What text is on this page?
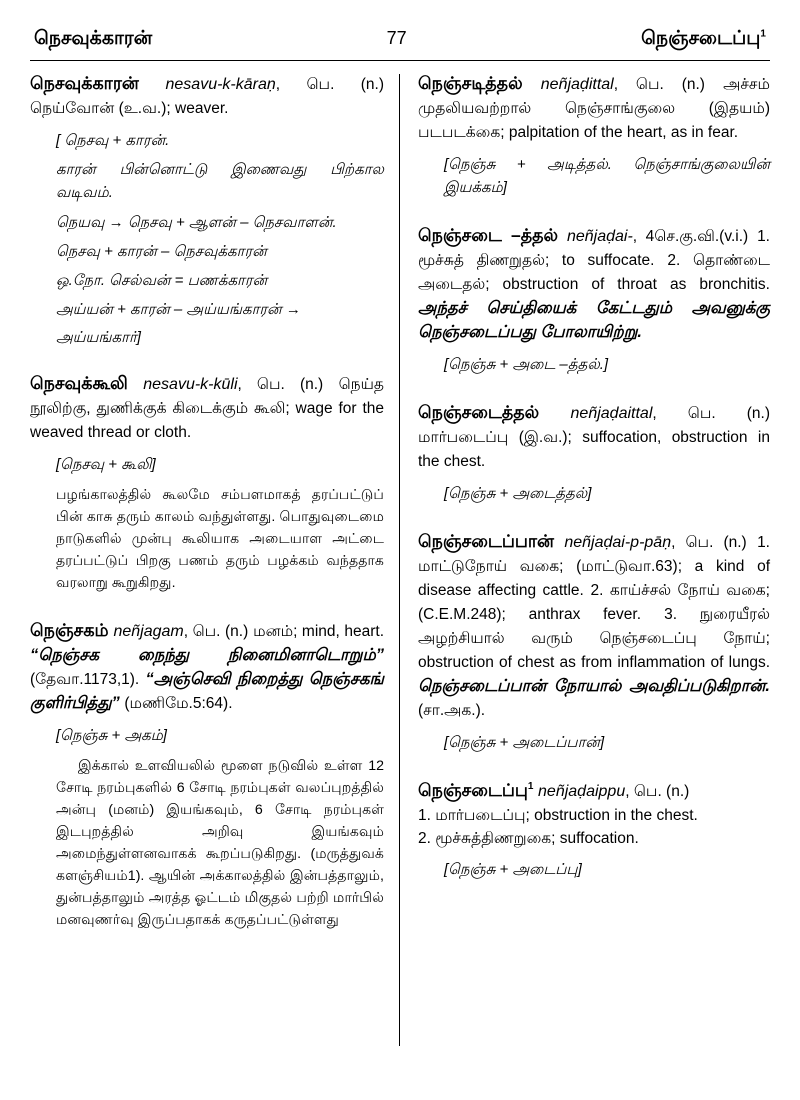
நெசவுக்காரன்	77	நெஞ்சடைப்பு$^1$
நெசவுக்காரன் nesavu-k-kāraṇ, பெ. (n.) நெய்வோன் (உ.வ.); weaver.
[ நெசவு + காரன்.
காரன் பின்னொட்டு இணைவது பிற்கால வடிவம்.
நெயவு → நெசவு + ஆளன் – நெசவாளன்.
நெசவு + காரன் – நெசவுக்காரன்
ஒ.நோ. செல்வன் = பணக்காரன்
அய்யன் + காரன் – அய்யங்காரன் →
அய்யங்கார்]
நெசவுக்கூலி nesavu-k-kūli, பெ. (n.) நெய்த நூலிற்கு, துணிக்குக் கிடைக்கும் கூலி; wage for the weaved thread or cloth.
[நெசவு + கூலி]
பழங்காலத்தில் கூலமே சம்பளமாகத் தரப்பட்டுப் பின் காசு தரும் காலம் வந்துள்ளது. பொதுவுடைமை நாடுகளில் முன்பு கூலியாக அடையாள அட்டை தரப்பட்டுப் பிறகு பணம் தரும் பழக்கம் வந்ததாக வரலாறு கூறுகிறது.
நெஞ்சகம் neñjagam, பெ. (n.) மனம்; mind, heart. “நெஞ்சக நைந்து நினைமினாடொறும்” (தேவா.1173,1). “அஞ்செவி நிறைத்து நெஞ்சகங் குளிர்பித்து” (மணிமே.5:64).
[நெஞ்சு + அகம்]
இக்கால் உளவியலில் மூளை நடுவில் உள்ள 12 சோடி நரம்புகளில் 6 சோடி நரம்புகள் வலப்புறத்தில் அன்பு (மனம்) இயங்கவும், 6 சோடி நரம்புகள் இடபுறத்தில் அறிவு இயங்கவும் அமைந்துள்ளனவாகக் கூறப்படுகிறது. (மருத்துவக் களஞ்சியம்1). ஆயின் அக்காலத்தில் இன்பத்தாலும், துன்பத்தாலும் அரத்த ஓட்டம் மிகுதல் பற்றி மார்பில் மனவுணர்வு இருப்பதாகக் கருதப்பட்டுள்ளது
நெஞ்சடித்தல் neñjaḍittal, பெ. (n.) அச்சம் முதலியவற்றால் நெஞ்சாங்குலை (இதயம்) படபடக்கை; palpitation of the heart, as in fear.
[நெஞ்சு + அடித்தல். நெஞ்சாங்குலையின் இயக்கம்]
நெஞ்சடை –த்தல் neñjaḍai-, 4செ.கு.வி.(v.i.) 1. மூச்சுத் திணறுதல்; to suffocate. 2. தொண்டை அடைதல்; obstruction of throat as bronchitis. அந்தச் செய்தியைக் கேட்டதும் அவனுக்கு நெஞ்சடைப்பது போலாயிற்று.
[நெஞ்சு + அடை –த்தல்.]
நெஞ்சடைத்தல் neñjaḍaittal, பெ. (n.) மார்படைப்பு (இ.வ.); suffocation, obstruction in the chest.
[நெஞ்சு + அடைத்தல்]
நெஞ்சடைப்பான் neñjaḍai-p-pāṇ, பெ. (n.) 1. மாட்டுநோய் வகை; (மாட்டுவா.63); a kind of disease affecting cattle. 2. காய்ச்சல் நோய் வகை; (C.E.M.248); anthrax fever. 3. நுரையீரல் அழற்சியால் வரும் நெஞ்சடைப்பு நோய்; obstruction of chest as from inflammation of lungs. நெஞ்சடைப்பான் நோயால் அவதிப்படுகிறான். (சா.அக.).
[நெஞ்சு + அடைப்பான்]
நெஞ்சடைப்பு$^1$ neñjaḍaippu, பெ. (n.)
1. மார்படைப்பு; obstruction in the chest.
2. மூச்சுத்திணறுகை; suffocation.
[நெஞ்சு + அடைப்பு]
